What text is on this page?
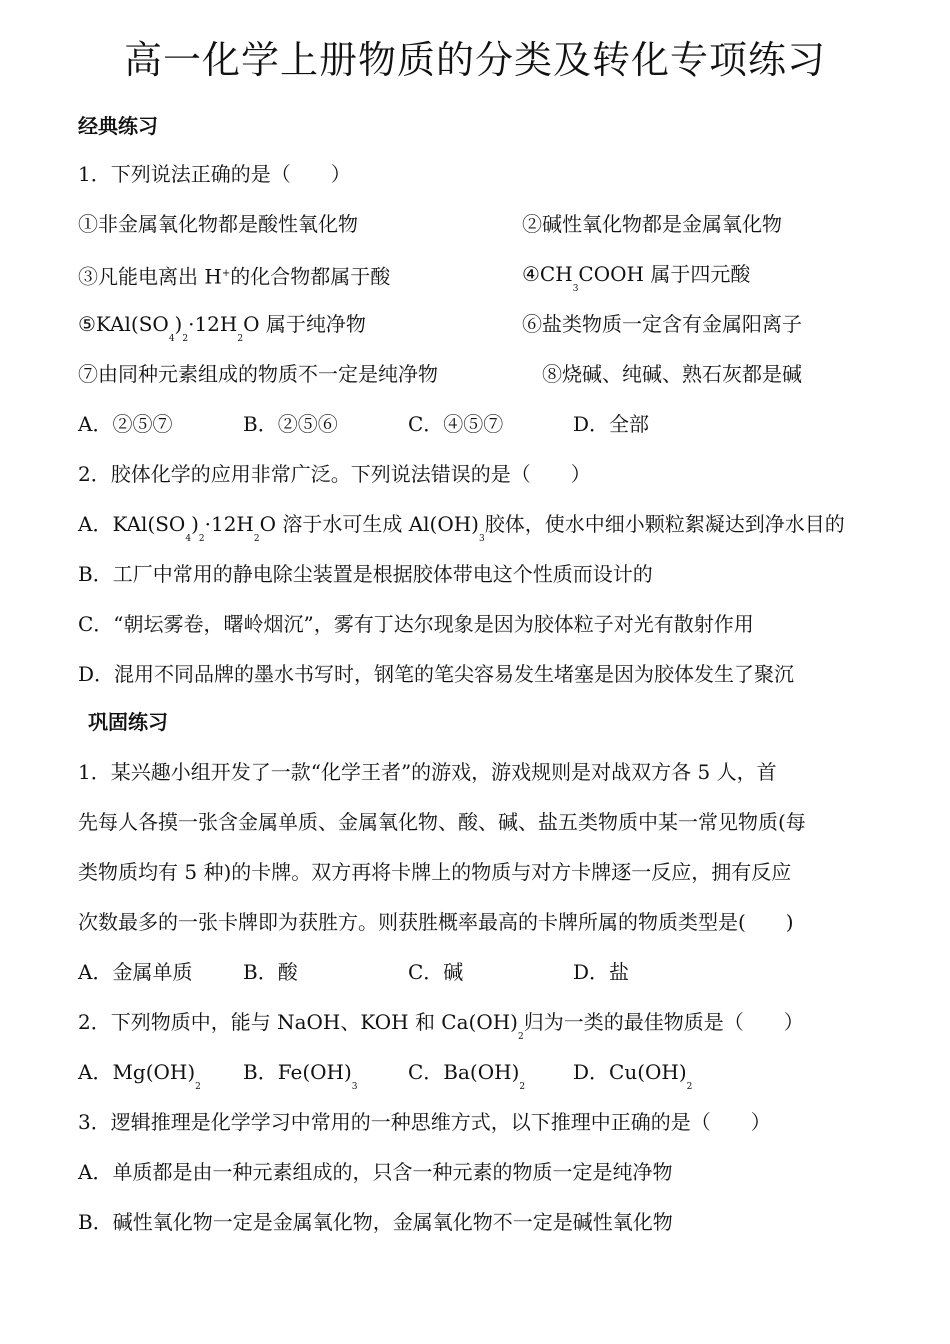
高一化学上册物质的分类及转化专项练习
经典练习
1．下列说法正确的是（　　）
①非金属氧化物都是酸性氧化物	②碱性氧化物都是金属氧化物
③凡能电离出 H+的化合物都属于酸	$④CH_3COOH$ 属于四元酸
$⑤KAl(SO_4)_2\cdot 12H_2O$ 属于纯净物	⑥盐类物质一定含有金属阳离子
⑦由同种元素组成的物质不一定是纯净物	⑧烧碱、纯碱、熟石灰都是碱
A．②⑤⑦	B．②⑤⑥	C．④⑤⑦	D．全部
2．胶体化学的应用非常广泛。下列说法错误的是（　　）
A．$KAl(SO_4)_2\cdot 12H_2O$ 溶于水可生成 $Al(OH)_3$胶体，使水中细小颗粒絮凝达到净水目的
B．工厂中常用的静电除尘装置是根据胶体带电这个性质而设计的
C．“朝坛雾卷，曙岭烟沉”，雾有丁达尔现象是因为胶体粒子对光有散射作用
D．混用不同品牌的墨水书写时，钢笔的笔尖容易发生堵塞是因为胶体发生了聚沉
巩固练习
1．某兴趣小组开发了一款“化学王者”的游戏，游戏规则是对战双方各 5 人，首
先每人各摸一张含金属单质、金属氧化物、酸、碱、盐五类物质中某一常见物质(每
类物质均有 5 种)的卡牌。双方再将卡牌上的物质与对方卡牌逐一反应，拥有反应
次数最多的一张卡牌即为获胜方。则获胜概率最高的卡牌所属的物质类型是(　　)
A．金属单质	B．酸	C．碱	D．盐
2．下列物质中，能与 NaOH、KOH 和 $Ca(OH)_2$归为一类的最佳物质是（　　）
A．$Mg(OH)_2B$．$Fe(OH)_3C$．$Ba(OH)_2D$．$Cu(OH)_2$
3．逻辑推理是化学学习中常用的一种思维方式，以下推理中正确的是（　　）
A．单质都是由一种元素组成的，只含一种元素的物质一定是纯净物
B．碱性氧化物一定是金属氧化物，金属氧化物不一定是碱性氧化物
